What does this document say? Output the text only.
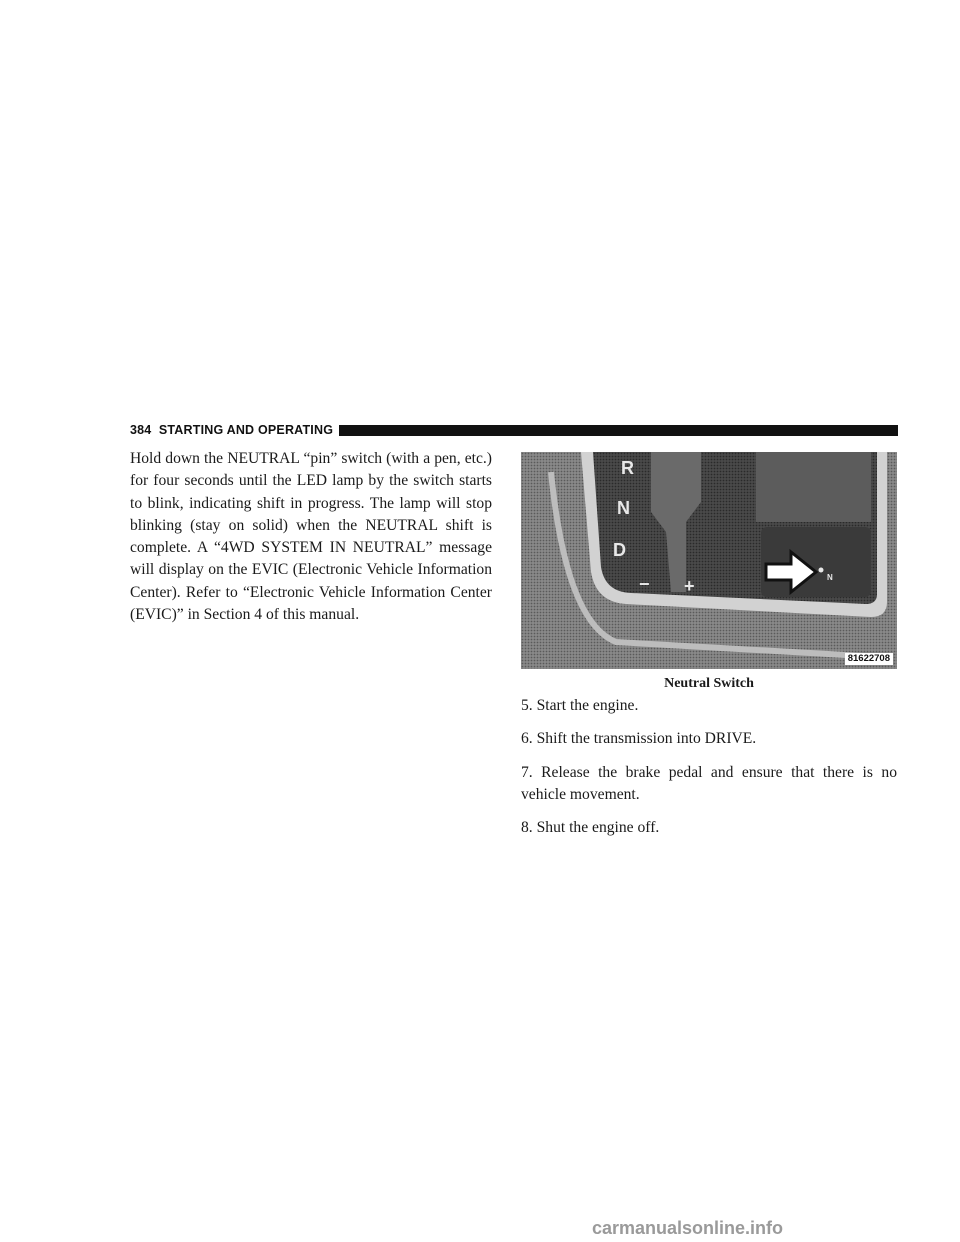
384 STARTING AND OPERATING

Hold down the NEUTRAL “pin” switch (with a pen, etc.) for four seconds until the LED lamp by the switch starts to blink, indicating shift in progress. The lamp will stop blinking (stay on solid) when the NEUTRAL shift is complete. A “4WD SYSTEM IN NEUTRAL” message will display on the EVIC (Electronic Vehicle Information Center). Refer to “Electronic Vehicle Information Center (EVIC)” in Section 4 of this manual.

R
N
D
− +	N
81622708
Neutral Switch

5. Start the engine.

6. Shift the transmission into DRIVE.

7. Release the brake pedal and ensure that there is no vehicle movement.

8. Shut the engine off.

carmanualsonline.info
